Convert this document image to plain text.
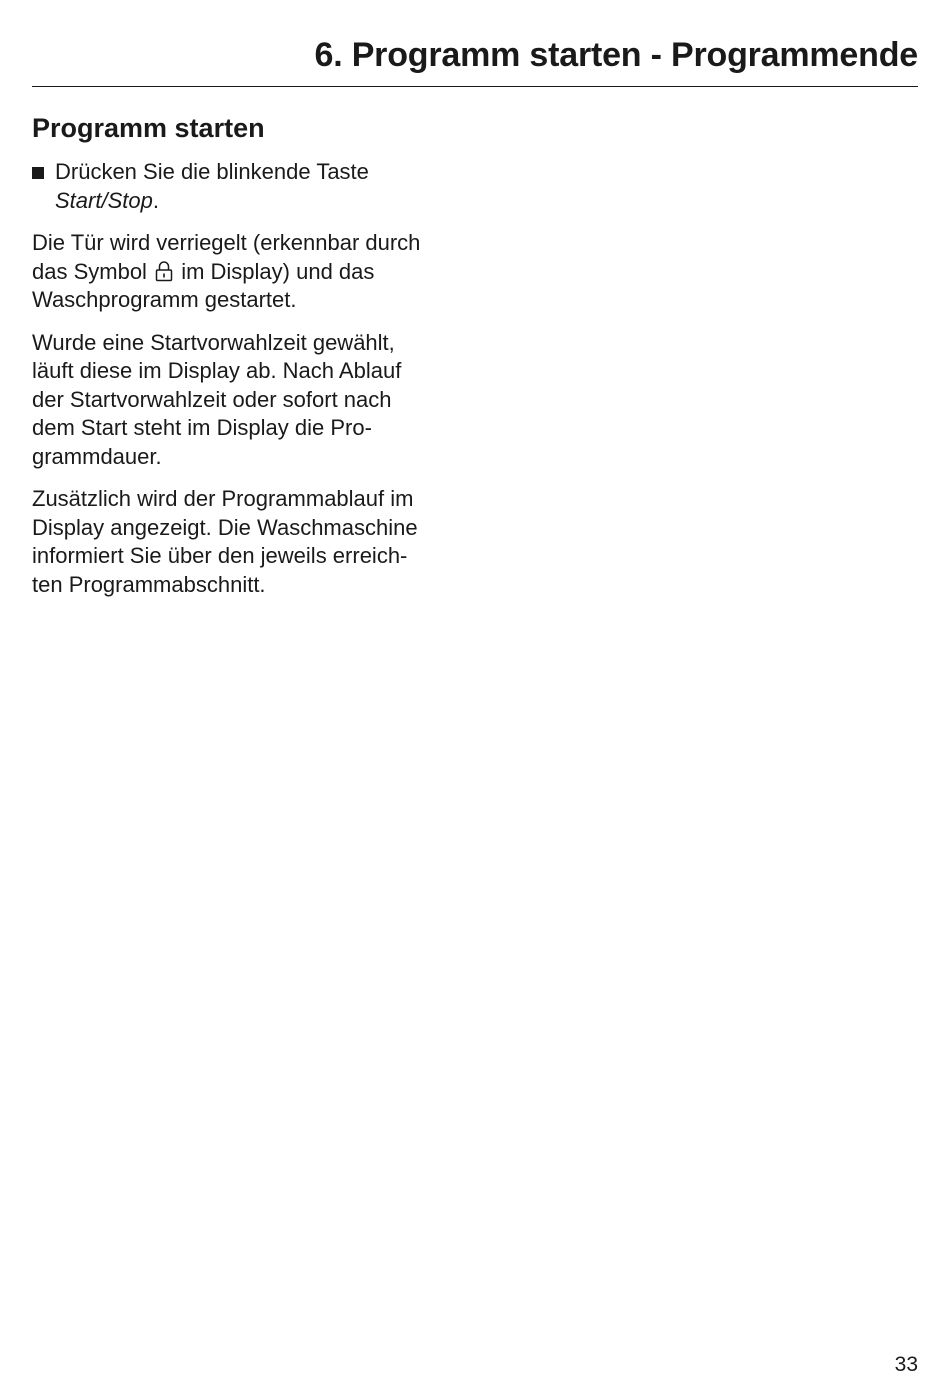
6. Programm starten - Programmende
Programm starten
Drücken Sie die blinkende Taste
Start/Stop.
Die Tür wird verriegelt (erkennbar durch
das Symbol im Display) und das
Waschprogramm gestartet.
Wurde eine Startvorwahlzeit gewählt,
läuft diese im Display ab. Nach Ablauf
der Startvorwahlzeit oder sofort nach
dem Start steht im Display die Pro-
grammdauer.
Zusätzlich wird der Programmablauf im
Display angezeigt. Die Waschmaschine
informiert Sie über den jeweils erreich-
ten Programmabschnitt.
33
